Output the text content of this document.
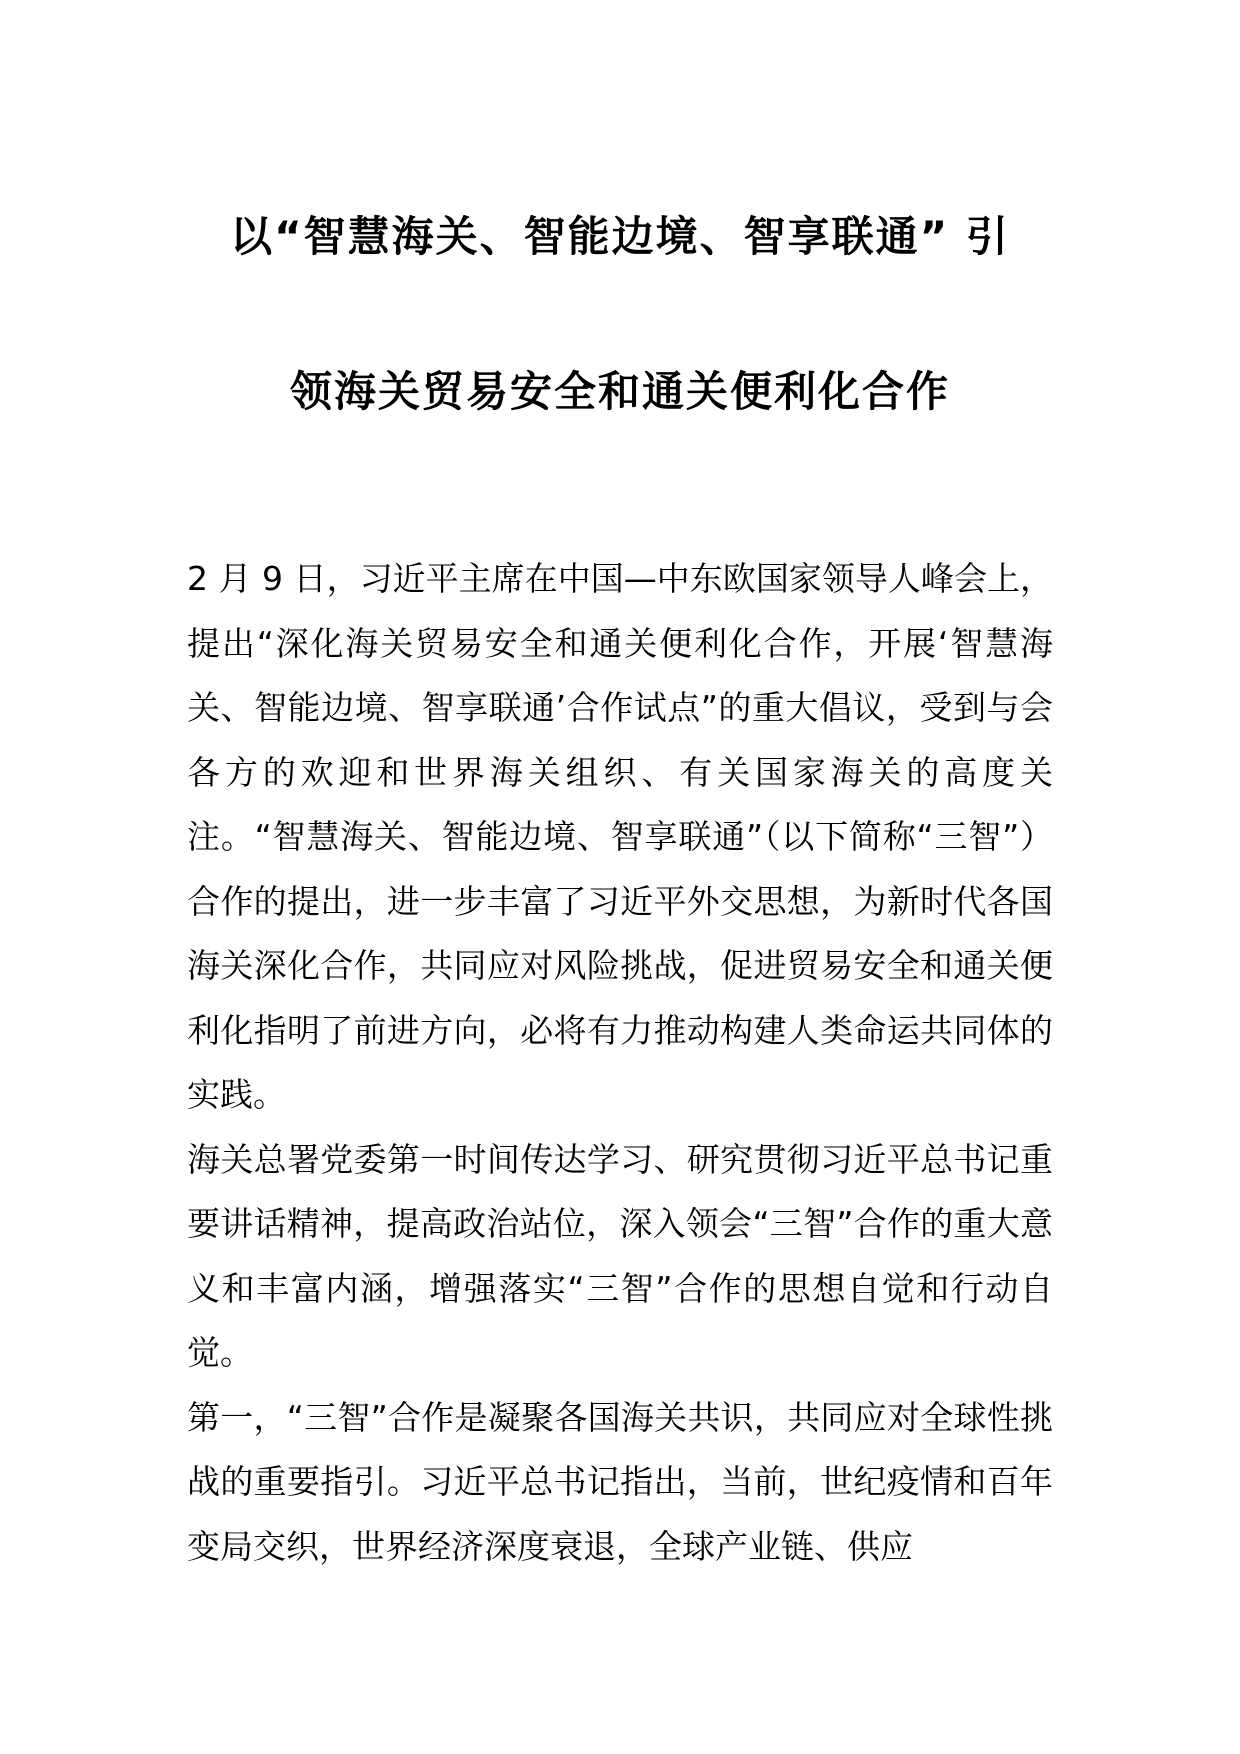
以“智慧海关、智能边境、智享联通” 引
领海关贸易安全和通关便利化合作

2 月 9 日，习近平主席在中国—中东欧国家领导人峰会上，提出“深化海关贸易安全和通关便利化合作，开展‘智慧海关、智能边境、智享联通’合作试点”的重大倡议，受到与会各方的欢迎和世界海关组织、有关国家海关的高度关注。“智慧海关、智能边境、智享联通”（以下简称“三智”）合作的提出，进一步丰富了习近平外交思想，为新时代各国海关深化合作，共同应对风险挑战，促进贸易安全和通关便利化指明了前进方向，必将有力推动构建人类命运共同体的实践。

海关总署党委第一时间传达学习、研究贯彻习近平总书记重要讲话精神，提高政治站位，深入领会“三智”合作的重大意义和丰富内涵，增强落实“三智”合作的思想自觉和行动自觉。

第一，“三智”合作是凝聚各国海关共识，共同应对全球性挑战的重要指引。习近平总书记指出，当前，世纪疫情和百年变局交织，世界经济深度衰退，全球产业链、供应
